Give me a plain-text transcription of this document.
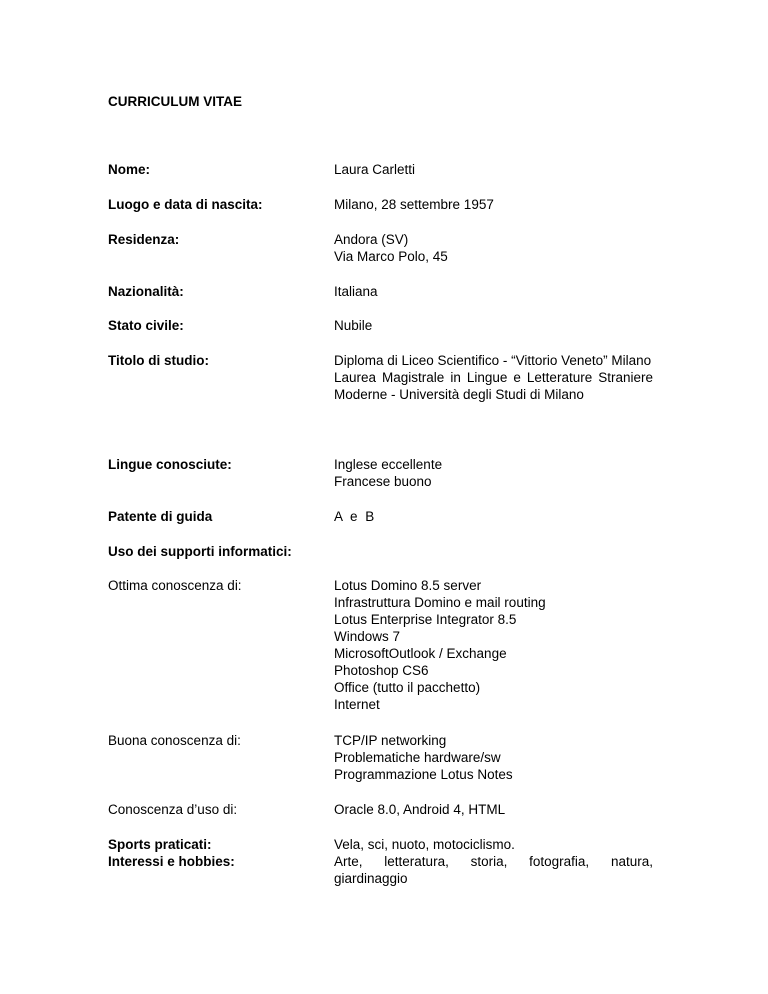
CURRICULUM VITAE
Nome:	Laura Carletti
Luogo e data di nascita:	Milano, 28 settembre 1957
Residenza:	Andora (SV)
Via Marco Polo, 45
Nazionalità:	Italiana
Stato civile:	Nubile
Titolo di studio:	Diploma di Liceo Scientifico - “Vittorio Veneto” Milano
Laurea Magistrale in Lingue e Letterature Straniere Moderne - Università degli Studi di Milano
Lingue conosciute:	Inglese eccellente
Francese buono
Patente di guida	A e B
Uso dei supporti informatici:
Ottima conoscenza di:	Lotus Domino 8.5 server
Infrastruttura Domino e mail routing
Lotus Enterprise Integrator 8.5
Windows 7
MicrosoftOutlook / Exchange
Photoshop CS6
Office (tutto il pacchetto)
Internet
Buona conoscenza di:	TCP/IP networking
Problematiche hardware/sw
Programmazione Lotus Notes
Conoscenza d’uso di:	Oracle 8.0, Android 4, HTML
Sports praticati:	Vela, sci, nuoto, motociclismo.
Interessi e hobbies:	Arte, letteratura, storia, fotografia, natura, giardinaggio
